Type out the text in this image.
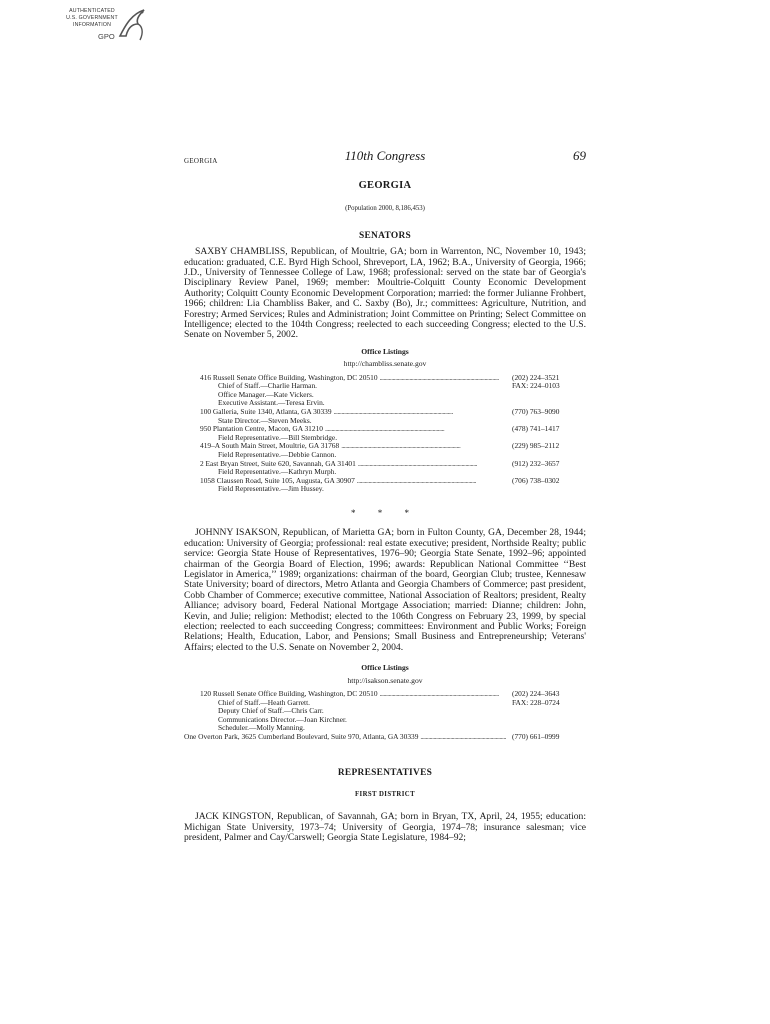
AUTHENTICATED
U.S. GOVERNMENT
INFORMATION
GPO
GEORGIA	110th Congress	69
GEORGIA
(Population 2000, 8,186,453)
SENATORS

SAXBY CHAMBLISS, Republican, of Moultrie, GA; born in Warrenton, NC, November 10, 1943; education: graduated, C.E. Byrd High School, Shreveport, LA, 1962; B.A., University of Georgia, 1966; J.D., University of Tennessee College of Law, 1968; professional: served on the state bar of Georgia's Disciplinary Review Panel, 1969; member: Moultrie-Colquitt County Economic Development Authority; Colquitt County Economic Development Corporation; married: the former Julianne Frohbert, 1966; children: Lia Chambliss Baker, and C. Saxby (Bo), Jr.; committees: Agriculture, Nutrition, and Forestry; Armed Services; Rules and Administration; Joint Committee on Printing; Select Committee on Intelligence; elected to the 104th Congress; reelected to each succeeding Congress; elected to the U.S. Senate on November 5, 2002.

Office Listings
http://chambliss.senate.gov
416 Russell Senate Office Building, Washington, DC 20510
. . .
Chief of Staff.—Charlie Harman.
Office Manager.—Kate Vickers.
Executive Assistant.—Teresa Ervin.
(202) 224–3521
FAX: 224–0103
100 Galleria, Suite 1340, Atlanta, GA 30339
. . .
State Director.—Steven Meeks.
(770) 763–9090
950 Plantation Centre, Macon, GA 31210
. . .
Field Representative.—Bill Stembridge.
(478) 741–1417
419–A South Main Street, Moultrie, GA 31768
. . .
Field Representative.—Debbie Cannon.
(229) 985–2112
2 East Bryan Street, Suite 620, Savannah, GA 31401
. . .
Field Representative.—Kathryn Murph.
(912) 232–3657
1058 Claussen Road, Suite 105, Augusta, GA 30907
. . .
Field Representative.—Jim Hussey.
(706) 738–0302
* * *

JOHNNY ISAKSON, Republican, of Marietta GA; born in Fulton County, GA, December 28, 1944; education: University of Georgia; professional: real estate executive; president, Northside Realty; public service: Georgia State House of Representatives, 1976–90; Georgia State Senate, 1992–96; appointed chairman of the Georgia Board of Election, 1996; awards: Republican National Committee ‘‘Best Legislator in America,’’ 1989; organizations: chairman of the board, Georgian Club; trustee, Kennesaw State University; board of directors, Metro Atlanta and Georgia Chambers of Commerce; past president, Cobb Chamber of Commerce; executive committee, National Association of Realtors; president, Realty Alliance; advisory board, Federal National Mortgage Association; married: Dianne; children: John, Kevin, and Julie; religion: Methodist; elected to the 106th Congress on February 23, 1999, by special election; reelected to each succeeding Congress; committees: Environment and Public Works; Foreign Relations; Health, Education, Labor, and Pensions; Small Business and Entrepreneurship; Veterans' Affairs; elected to the U.S. Senate on November 2, 2004.

Office Listings
http://isakson.senate.gov
120 Russell Senate Office Building, Washington, DC 20510
. . .
Chief of Staff.—Heath Garrett.
Deputy Chief of Staff.—Chris Carr.
Communications Director.—Joan Kirchner.
Scheduler.—Molly Manning.
(202) 224–3643
FAX: 228–0724
One Overton Park, 3625 Cumberland Boulevard, Suite 970, Atlanta, GA 30339
. . .	(770) 661–0999
REPRESENTATIVES
FIRST DISTRICT

JACK KINGSTON, Republican, of Savannah, GA; born in Bryan, TX, April, 24, 1955; education: Michigan State University, 1973–74; University of Georgia, 1974–78; insurance salesman; vice president, Palmer and Cay/Carswell; Georgia State Legislature, 1984–92;
